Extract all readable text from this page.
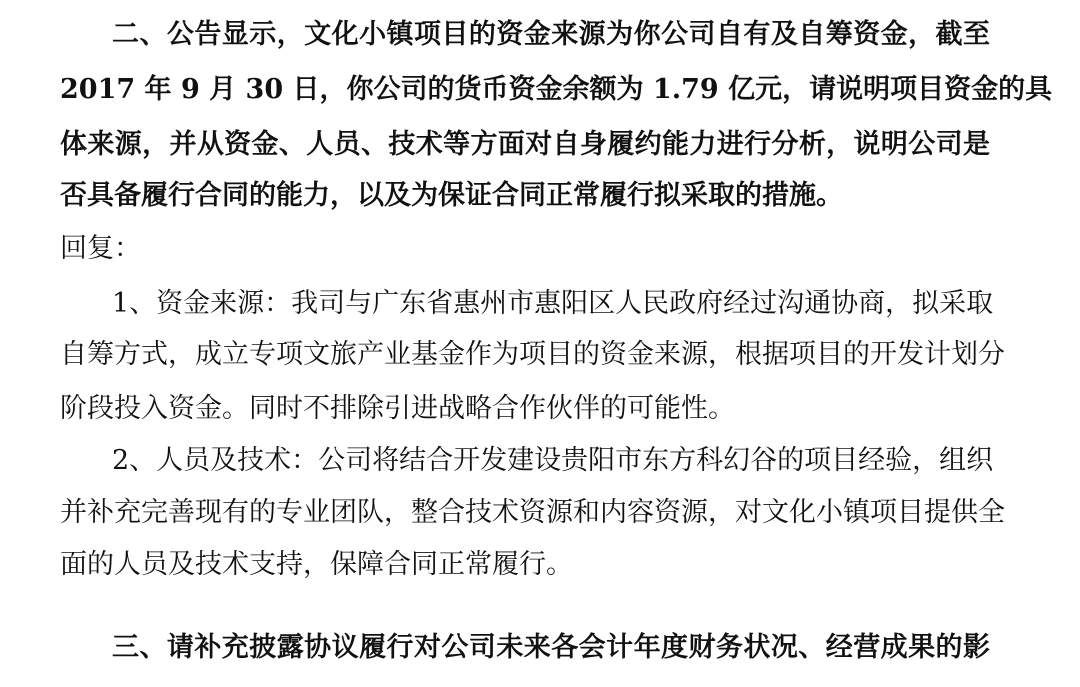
二、公告显示，文化小镇项目的资金来源为你公司自有及自筹资金，截至
2017 年 9 月 30 日，你公司的货币资金余额为 1.79 亿元，请说明项目资金的具
体来源，并从资金、人员、技术等方面对自身履约能力进行分析，说明公司是
否具备履行合同的能力，以及为保证合同正常履行拟采取的措施。
回复：
1、资金来源：我司与广东省惠州市惠阳区人民政府经过沟通协商，拟采取
自筹方式，成立专项文旅产业基金作为项目的资金来源，根据项目的开发计划分
阶段投入资金。同时不排除引进战略合作伙伴的可能性。
2、人员及技术：公司将结合开发建设贵阳市东方科幻谷的项目经验，组织
并补充完善现有的专业团队，整合技术资源和内容资源，对文化小镇项目提供全
面的人员及技术支持，保障合同正常履行。
三、请补充披露协议履行对公司未来各会计年度财务状况、经营成果的影
